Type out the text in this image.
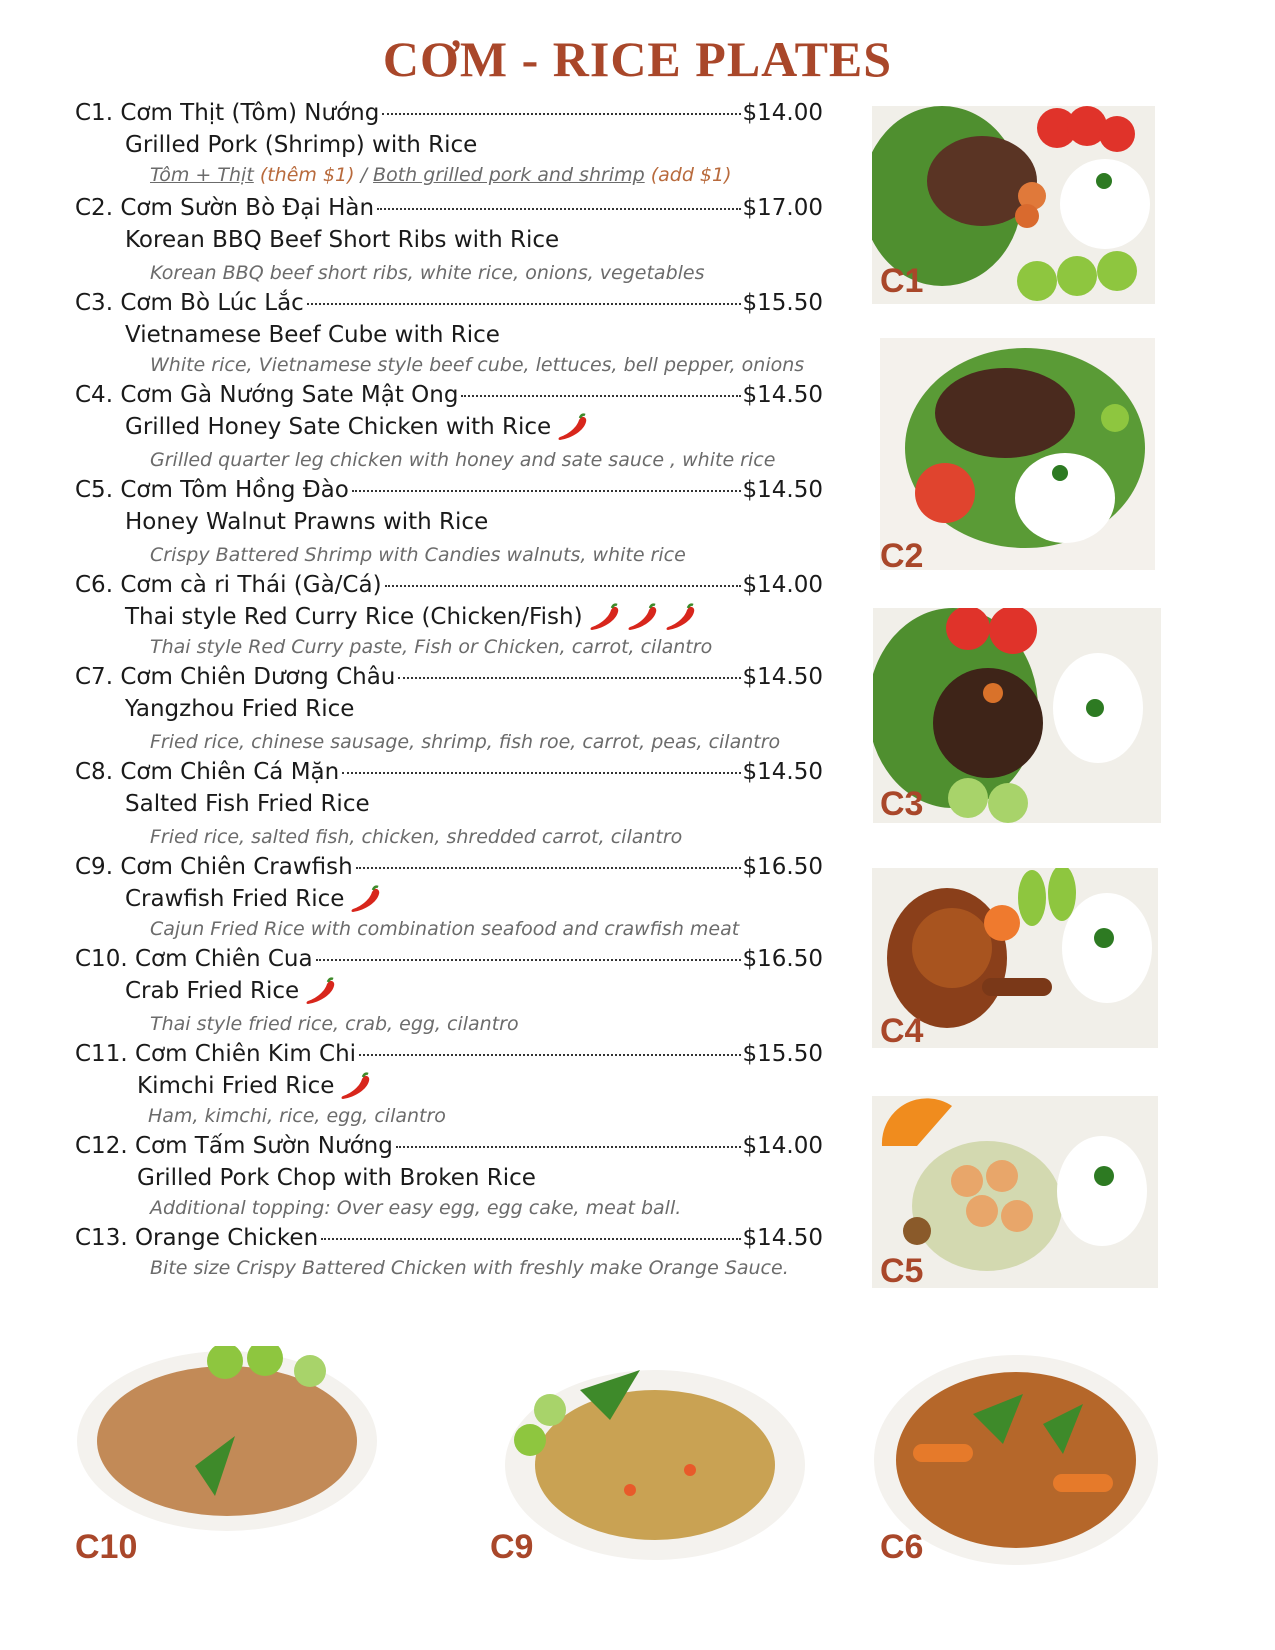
CƠM - RICE PLATES
C1. Cơm Thịt (Tôm) Nướng	$14.00
Grilled Pork (Shrimp) with Rice
Tôm + Thịt (thêm $1) / Both grilled pork and shrimp (add $1)
C2. Cơm Sườn Bò Đại Hàn	$17.00
Korean BBQ Beef Short Ribs with Rice
Korean BBQ beef short ribs, white rice, onions, vegetables
C3. Cơm Bò Lúc Lắc	$15.50
Vietnamese Beef Cube with Rice
White rice, Vietnamese style beef cube, lettuces, bell pepper, onions
C4. Cơm Gà Nướng Sate Mật Ong	$14.50
Grilled Honey Sate Chicken with Rice
Grilled quarter leg chicken with honey and sate sauce , white rice
C5. Cơm Tôm Hồng Đào	$14.50
Honey Walnut Prawns with Rice
Crispy Battered Shrimp with Candies walnuts, white rice
C6. Cơm cà ri Thái (Gà/Cá)	$14.00
Thai style Red Curry Rice (Chicken/Fish)
Thai style Red Curry paste, Fish or Chicken, carrot, cilantro
C7. Cơm Chiên Dương Châu	$14.50
Yangzhou Fried Rice
Fried rice, chinese sausage, shrimp, fish roe, carrot, peas, cilantro
C8. Cơm Chiên Cá Mặn	$14.50
Salted Fish Fried Rice
Fried rice, salted fish, chicken, shredded carrot, cilantro
C9. Cơm Chiên Crawfish	$16.50
Crawfish Fried Rice
Cajun Fried Rice with combination seafood and crawfish meat
C10. Cơm Chiên Cua	$16.50
Crab Fried Rice
Thai style fried rice, crab, egg, cilantro
C11. Cơm Chiên Kim Chi	$15.50
Kimchi Fried Rice
Ham, kimchi, rice, egg, cilantro
C12. Cơm Tấm Sườn Nướng	$14.00
Grilled Pork Chop with Broken Rice
Additional topping: Over easy egg, egg cake, meat ball.
C13. Orange Chicken	$14.50
Bite size Crispy Battered Chicken with freshly make Orange Sauce.
C1
C2
C3
C4
C5
C10	C9	C6
